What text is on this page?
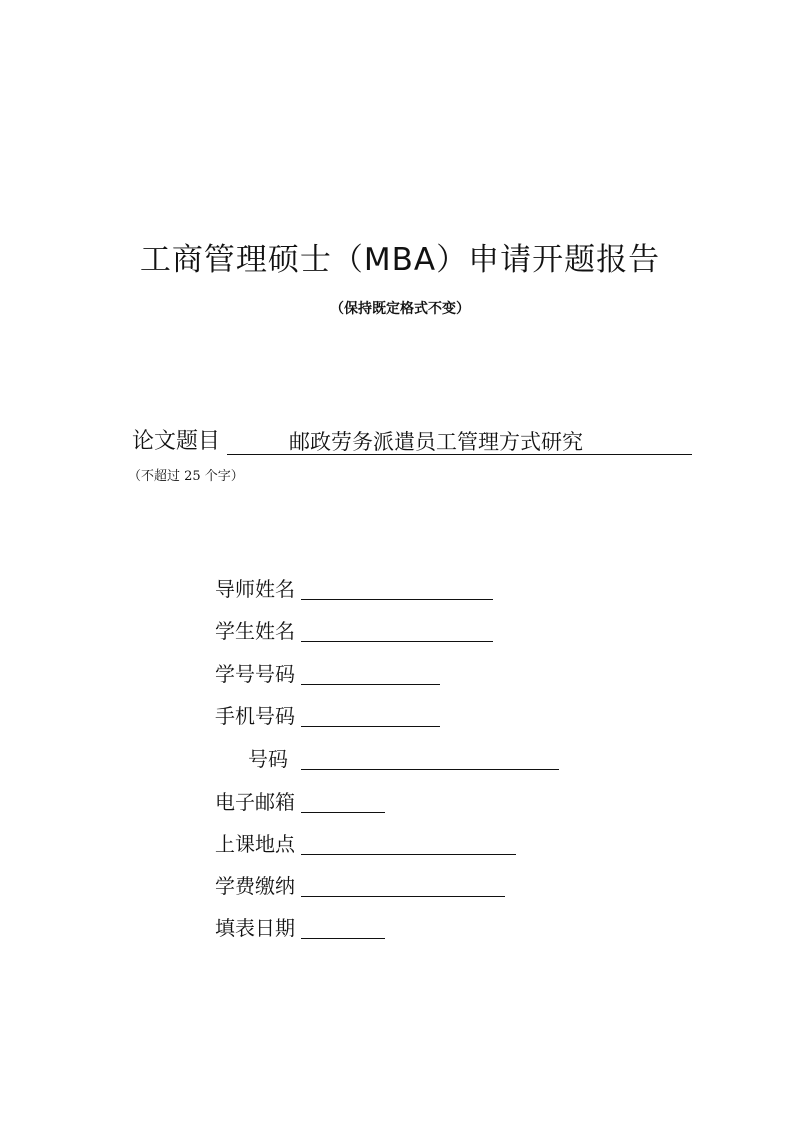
工商管理硕士（MBA）申请开题报告
（保持既定格式不变）
论文题目	邮政劳务派遣员工管理方式研究
（不超过 25 个字）
导师姓名
学生姓名
学号号码
手机号码
号码
电子邮箱
上课地点
学费缴纳
填表日期
